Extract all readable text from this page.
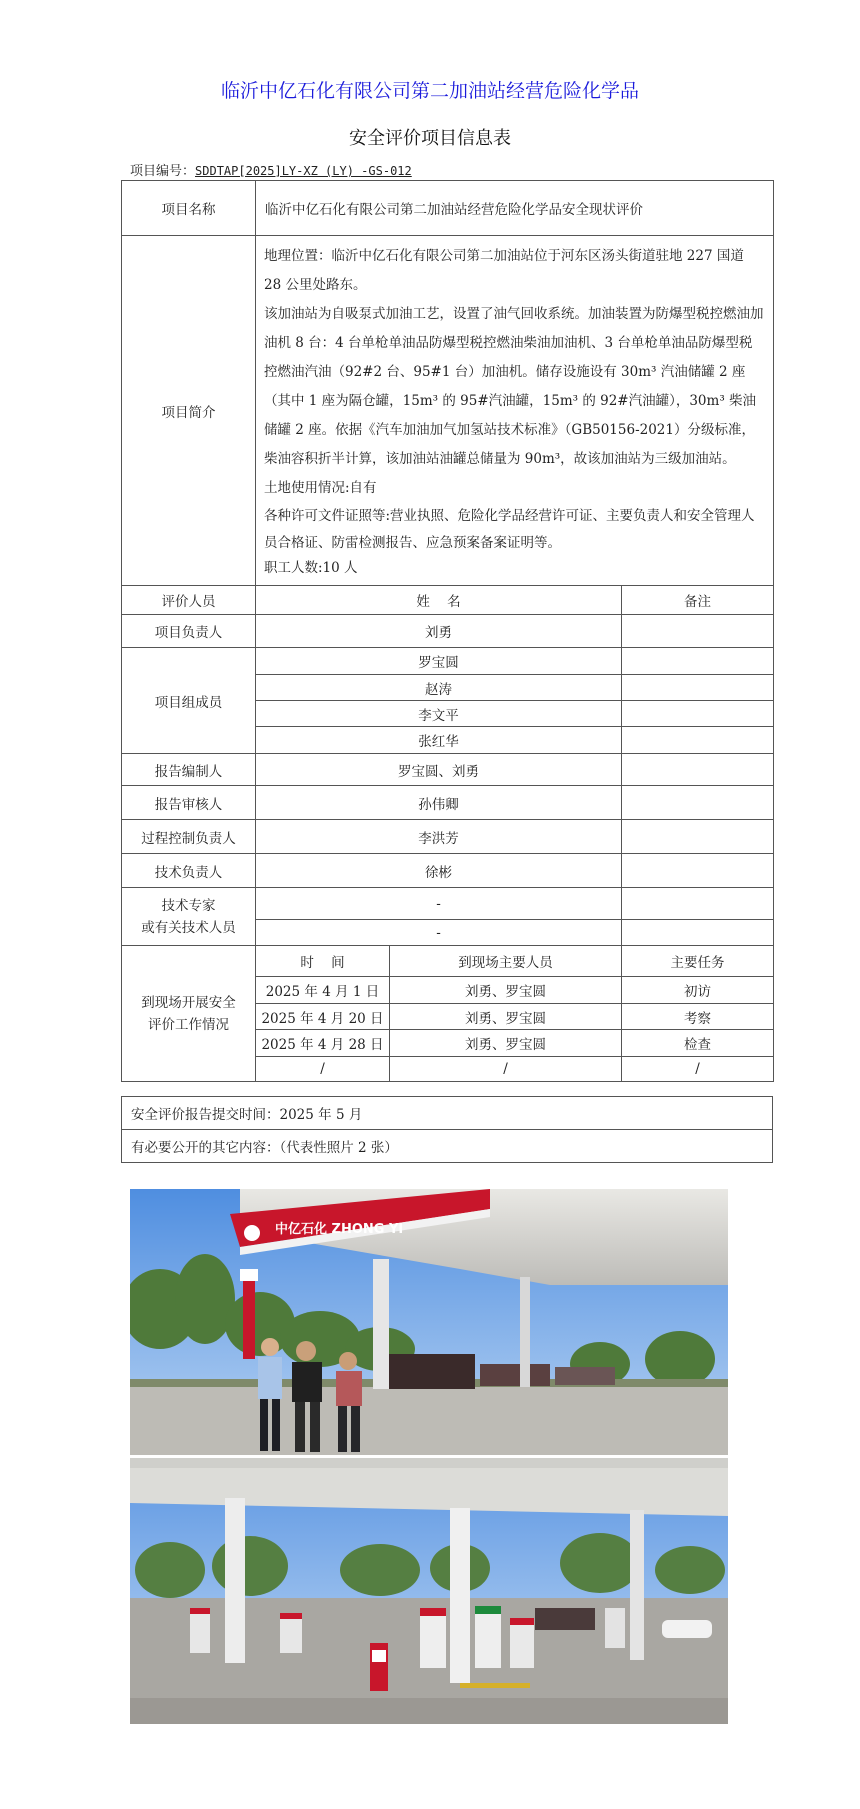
临沂中亿石化有限公司第二加油站经营危险化学品
安全评价项目信息表
项目编号：SDDTAP[2025]LY-XZ (LY) -GS-012
项目名称	临沂中亿石化有限公司第二加油站经营危险化学品安全现状评价		
项目简介	地理位置：临沂中亿石化有限公司第二加油站位于河东区汤头街道驻地 227 国道 28 公里处路东。

该加油站为自吸泵式加油工艺，设置了油气回收系统。加油装置为防爆型税控燃油加油机 8 台：4 台单枪单油品防爆型税控燃油柴油加油机、3 台单枪单油品防爆型税控燃油汽油（92#2 台、95#1 台）加油机。储存设施设有 30m³ 汽油储罐 2 座（其中 1 座为隔仓罐，15m³ 的 95#汽油罐，15m³ 的 92#汽油罐），30m³ 柴油储罐 2 座。依据《汽车加油加气加氢站技术标准》（GB50156-2021）分级标准，柴油容积折半计算，该加油站油罐总储量为 90m³，故该加油站为三级加油站。

土地使用情况:自有

各种许可文件证照等:营业执照、危险化学品经营许可证、主要负责人和安全管理人员合格证、防雷检测报告、应急预案备案证明等。

职工人数:10 人		

评价人员	姓    名		备注
项目负责人	刘勇		
项目组成员	罗宝圆		
	赵涛		
	李文平		
	张红华		
报告编制人	罗宝圆、刘勇		
报告审核人	孙伟卿		
过程控制负责人	李洪芳		
技术负责人	徐彬		
技术专家
或有关技术人员	-		
	-		
到现场开展安全
评价工作情况	时    间	到现场主要人员	主要任务
	2025 年 4 月 1 日	刘勇、罗宝圆	初访
	2025 年 4 月 20 日	刘勇、罗宝圆	考察
	2025 年 4 月 28 日	刘勇、罗宝圆	检查
	/	/	/
安全评价报告提交时间：2025 年 5 月
有必要公开的其它内容：（代表性照片 2 张）
中亿石化 ZHONG YI
